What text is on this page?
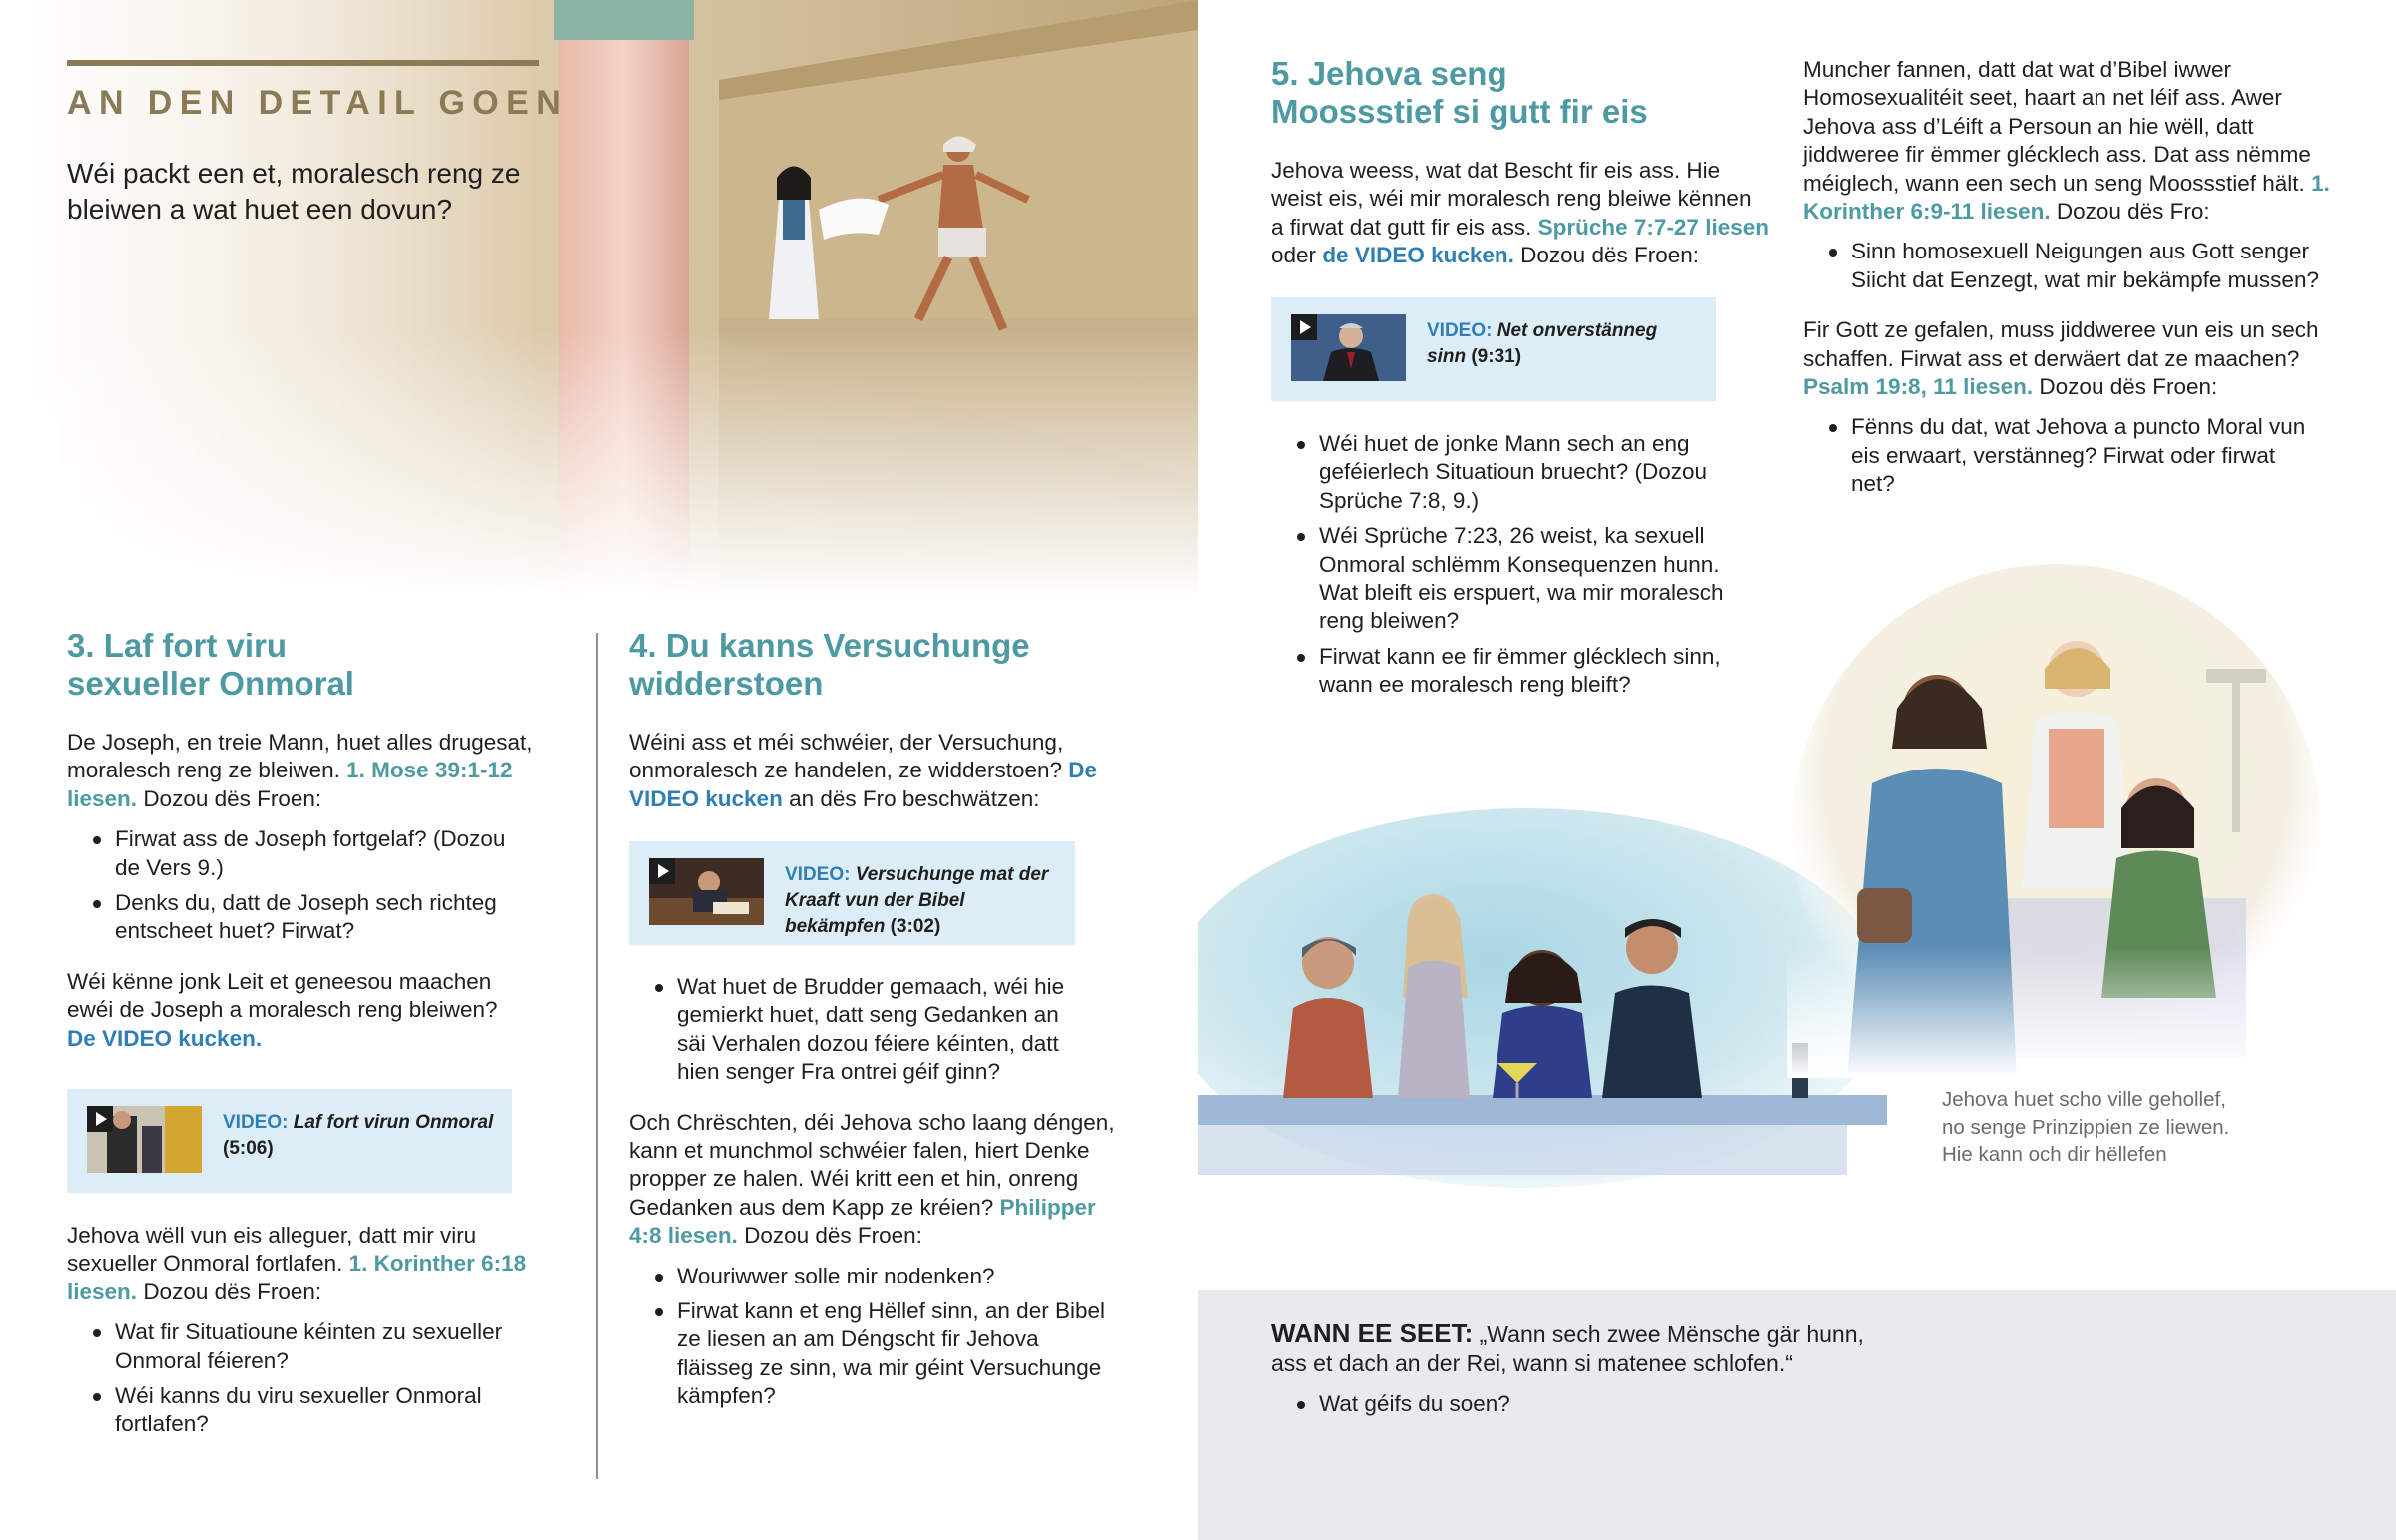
AN DEN DETAIL GOEN
Wéi packt een et, moralesch reng ze bleiwen a wat huet een dovun?
3. Laf fort viru
sexueller Onmoral
De Joseph, en treie Mann, huet alles drugesat, moralesch reng ze bleiwen. 1. Mose 39:1-12 liesen. Dozou dës Froen:
Firwat ass de Joseph fortgelaf? (Dozou de Vers 9.)
Denks du, datt de Joseph sech richteg entscheet huet? Firwat?
Wéi kënne jonk Leit et geneesou maachen ewéi de Joseph a moralesch reng bleiwen? De VIDEO kucken.
VIDEO: Laf fort virun Onmoral
(5:06)
Jehova wëll vun eis alleguer, datt mir viru sexueller Onmoral fortlafen. 1. Korinther 6:18 liesen. Dozou dës Froen:
Wat fir Situatioune kéinten zu sexueller Onmoral féieren?
Wéi kanns du viru sexueller Onmoral fortlafen?
4. Du kanns Versuchunge
widderstoen
Wéini ass et méi schwéier, der Versuchung, onmoralesch ze handelen, ze widderstoen? De VIDEO kucken an dës Fro beschwätzen:
VIDEO: Versuchunge mat der Kraaft vun der Bibel bekämpfen (3:02)
Wat huet de Brudder gemaach, wéi hie gemierkt huet, datt seng Gedanken an säi Verhalen dozou féiere kéinten, datt hien senger Fra ontrei géif ginn?
Och Chrëschten, déi Jehova scho laang déngen, kann et munchmol schwéier falen, hiert Denke propper ze halen. Wéi kritt een et hin, onreng Gedanken aus dem Kapp ze kréien? Philipper 4:8 liesen. Dozou dës Froen:
Wouriwwer solle mir nodenken?
Firwat kann et eng Hëllef sinn, an der Bibel ze liesen an am Déngscht fir Jehova fläisseg ze sinn, wa mir géint Versuchunge kämpfen?
5. Jehova seng
Moossstief si gutt fir eis
Jehova weess, wat dat Bescht fir eis ass. Hie weist eis, wéi mir moralesch reng bleiwe kënnen a firwat dat gutt fir eis ass. Sprüche 7:7-27 liesen oder de VIDEO kucken. Dozou dës Froen:
VIDEO: Net onverstänneg sinn (9:31)
Wéi huet de jonke Mann sech an eng geféierlech Situatioun bruecht? (Dozou Sprüche 7:8, 9.)
Wéi Sprüche 7:23, 26 weist, ka sexuell Onmoral schlëmm Konsequenzen hunn. Wat bleift eis erspuert, wa mir moralesch reng bleiwen?
Firwat kann ee fir ëmmer glécklech sinn, wann ee moralesch reng bleift?
Muncher fannen, datt dat wat d’Bibel iwwer Homosexualitéit seet, haart an net léif ass. Awer Jehova ass d’Léift a Persoun an hie wëll, datt jiddweree fir ëmmer glécklech ass. Dat ass nëmme méiglech, wann een sech un seng Moossstief hält. 1. Korinther 6:9-11 liesen. Dozou dës Fro:
Sinn homosexuell Neigungen aus Gott senger Siicht dat Eenzegt, wat mir bekämpfe mussen?
Fir Gott ze gefalen, muss jiddweree vun eis un sech schaffen. Firwat ass et derwäert dat ze maachen? Psalm 19:8, 11 liesen. Dozou dës Froen:
Fënns du dat, wat Jehova a puncto Moral vun eis erwaart, verstänneg? Firwat oder firwat net?
Jehova huet scho ville gehollef,
no senge Prinzippien ze liewen.
Hie kann och dir hëllefen
WANN EE SEET: „Wann sech zwee Mënsche gär hunn,
ass et dach an der Rei, wann si matenee schlofen.“
Wat géifs du soen?
